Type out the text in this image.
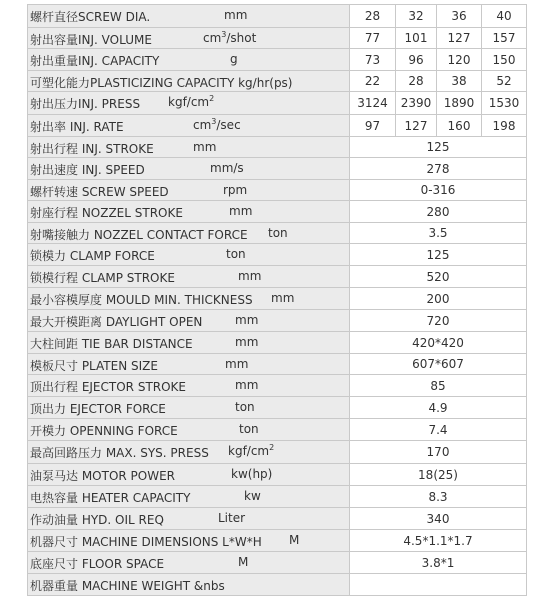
螺杆直径SCREW DIA. mm	28	32	36	40

射出容量INJ. VOLUME $cm^3$/shot	77	101	127	157

射出重量INJ. CAPACITY g	73	96	120	150

可塑化能力PLASTICIZING CAPACITY kg/hr(ps)	22	28	38	52

射出压力INJ. PRESS kgf/$cm^2$	3124	2390	1890	1530

射出率 INJ. RATE $cm^3/\sec$	97	127	160	198

射出行程 INJ. STROKE mm	125			

射出速度 INJ. SPEED mm/s	278			

螺杆转速 SCREW SPEED rpm	0-316			

射座行程 NOZZEL STROKE mm	280			

射嘴接触力 NOZZEL CONTACT FORCE ton	3.5			

锁模力 CLAMP FORCE ton	125			

锁模行程 CLAMP STROKE mm	520			

最小容模厚度 MOULD MIN. THICKNESS mm	200			

最大开模距离 DAYLIGHT OPEN mm	720			

大柱间距 TIE BAR DISTANCE mm	420*420			

模板尺寸 PLATEN SIZE mm	607*607			

顶出行程 EJECTOR STROKE mm	85			

顶出力 EJECTOR FORCE ton	4.9			

开模力 OPENNING FORCE ton	7.4			

最高回路压力 MAX. SYS. PRESS kgf/$cm^2$	170			

油泵马达 MOTOR POWER kw(hp)	18(25)			

电热容量 HEATER CAPACITY kw	8.3			

作动油量 HYD. OIL REQ Liter	340			

机器尺寸 MACHINE DIMENSIONS L*W*H M	4.5*1.1*1.7			

底座尺寸 FLOOR SPACE M	3.8*1			

机器重量 MACHINE WEIGHT &nbs				
